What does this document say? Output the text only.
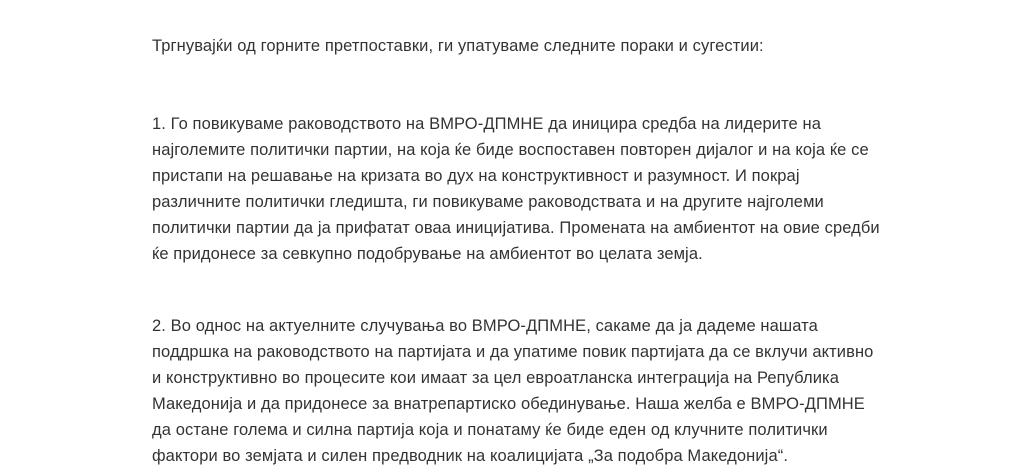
Тргнувајќи од горните претпоставки, ги упатуваме следните пораки и сугестии:

1. Го повикуваме раководството на ВМРО-ДПМНЕ да иницира средба на лидерите на најголемите политички партии, на која ќе биде воспоставен повторен дијалог и на која ќе се пристапи на решавање на кризата во дух на конструктивност и разумност. И покрај различните политички гледишта, ги повикуваме раководствата и на другите најголеми политички партии да ја прифатат оваа иницијатива. Промената на амбиентот на овие средби ќе придонесе за севкупно подобрување на амбиентот во целата земја.

2. Во однос на актуелните случувања во ВМРО-ДПМНЕ, сакаме да ја дадеме нашата поддршка на раководството на партијата и да упатиме повик партијата да се вклучи активно и конструктивно во процесите кои имаат за цел евроатланска интеграција на Република Македонија и да придонесе за внатрепартиско обединување. Наша желба е ВМРО-ДПМНЕ да остане голема и силна партија која и понатаму ќе биде еден од клучните политички фактори во земјата и силен предводник на коалицијата „За подобра Македонија“.
